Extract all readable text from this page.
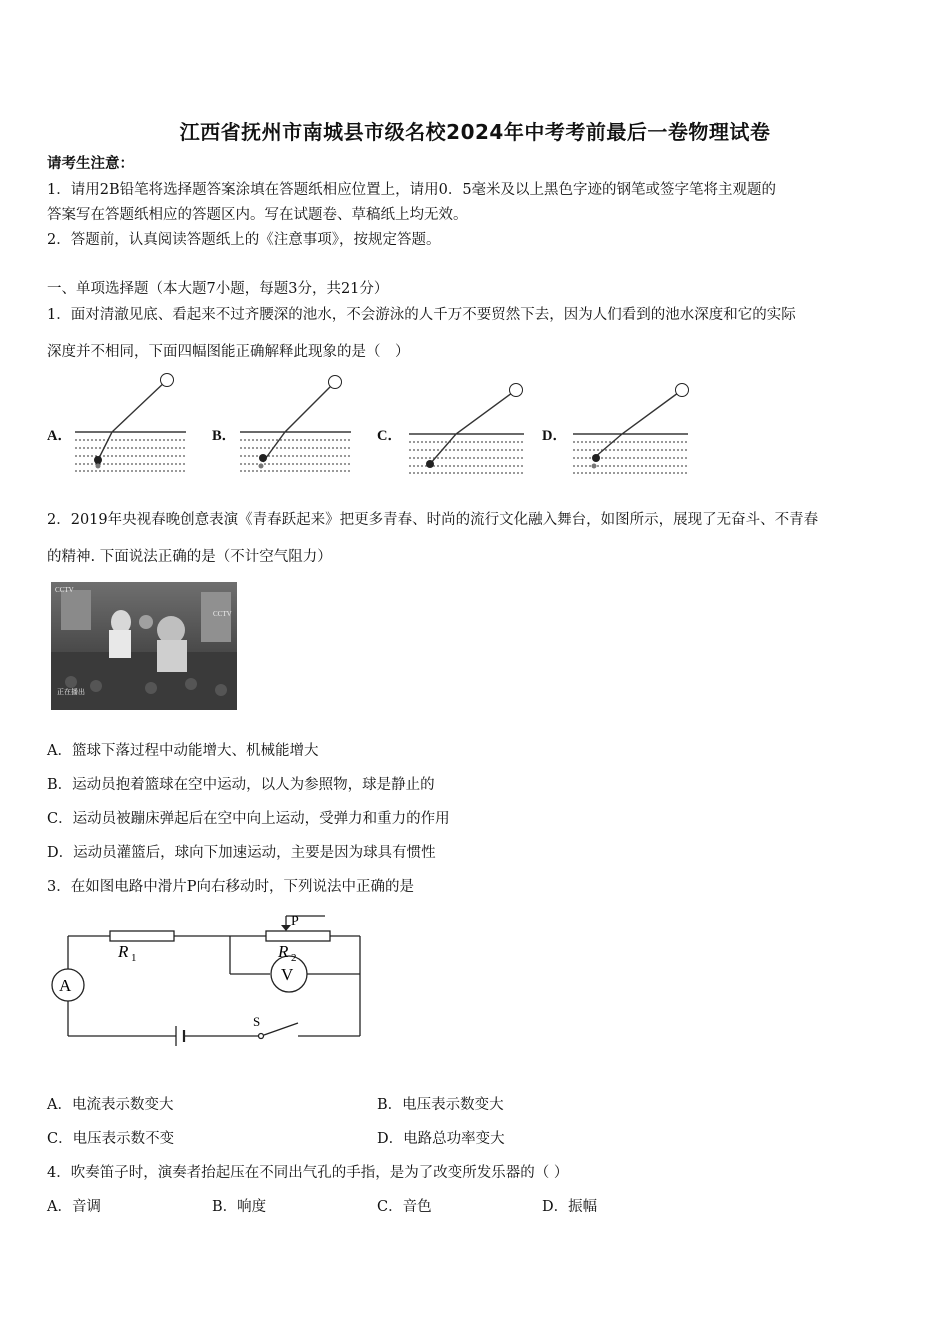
江西省抚州市南城县市级名校2024年中考考前最后一卷物理试卷
请考生注意：
1．请用2B铅笔将选择题答案涂填在答题纸相应位置上，请用0．5毫米及以上黑色字迹的钢笔或签字笔将主观题的
答案写在答题纸相应的答题区内。写在试题卷、草稿纸上均无效。
2．答题前，认真阅读答题纸上的《注意事项》，按规定答题。
一、单项选择题（本大题7小题，每题3分，共21分）
1．面对清澈见底、看起来不过齐腰深的池水，不会游泳的人千万不要贸然下去，因为人们看到的池水深度和它的实际
深度并不相同，下面四幅图能正确解释此现象的是（　）
A．	B．	C．	D．
2．2019年央视春晚创意表演《青春跃起来》把更多青春、时尚的流行文化融入舞台，如图所示，展现了无奋斗、不青春
的精神. 下面说法正确的是（不计空气阻力）
CCTV
CCTV
正在播出
A．篮球下落过程中动能增大、机械能增大
B．运动员抱着篮球在空中运动，以人为参照物，球是静止的
C．运动员被蹦床弹起后在空中向上运动，受弹力和重力的作用
D．运动员灌篮后，球向下加速运动，主要是因为球具有惯性
3．在如图电路中滑片P向右移动时，下列说法中正确的是
R 1	R 2
P
A
V
S
A．电流表示数变大	B．电压表示数变大
C．电压表示数不变	D．电路总功率变大
4．吹奏笛子时，演奏者抬起压在不同出气孔的手指，是为了改变所发乐器的（ ）
A．音调	B．响度	C．音色	D．振幅
